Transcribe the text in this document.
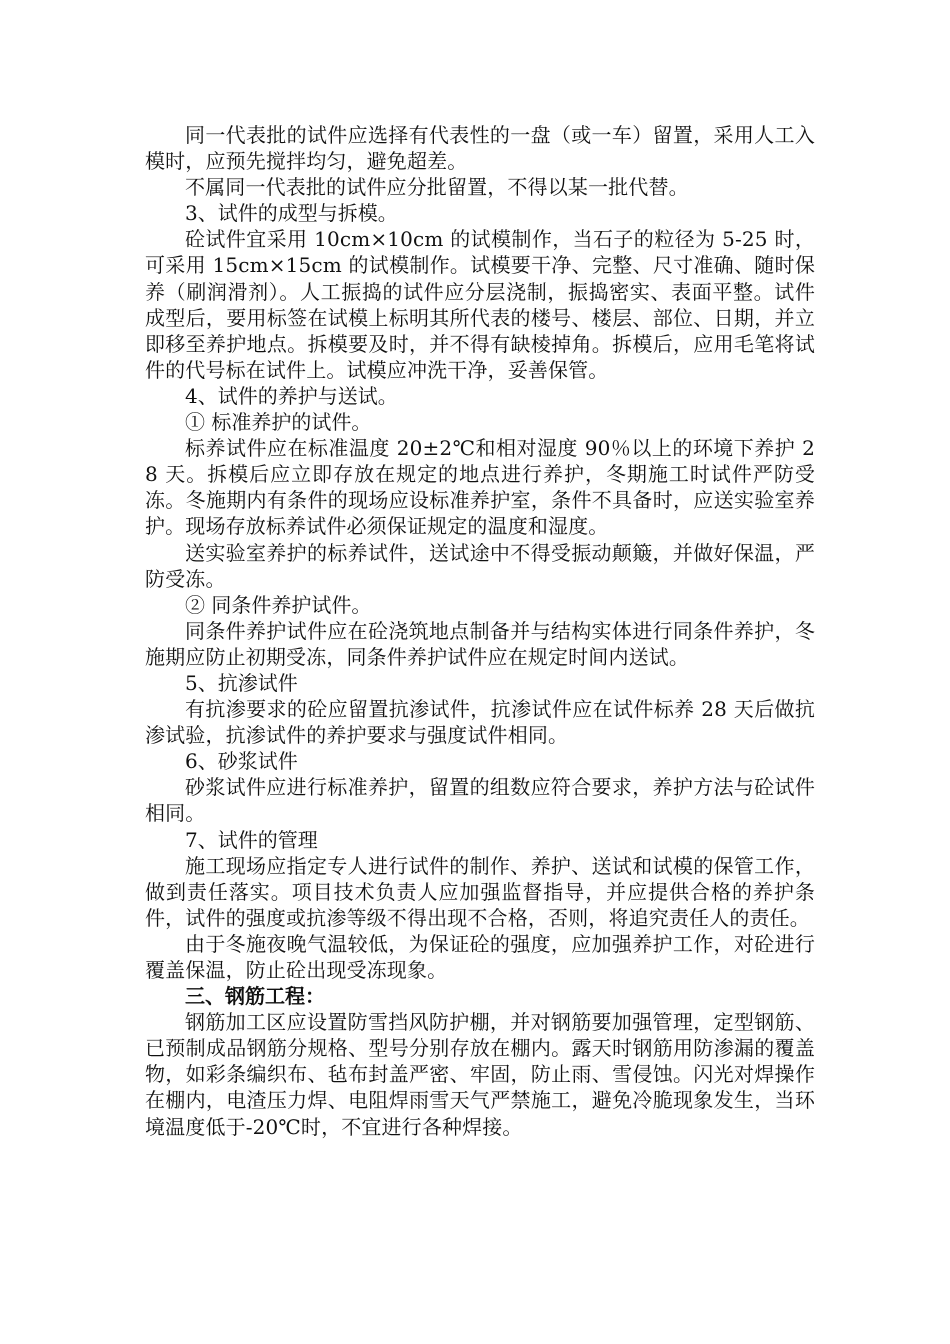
同一代表批的试件应选择有代表性的一盘（或一车）留置，采用人工入模时，应预先搅拌均匀，避免超差。

不属同一代表批的试件应分批留置，不得以某一批代替。

3、试件的成型与拆模。

砼试件宜采用 10cm×10cm 的试模制作，当石子的粒径为 5-25 时，可采用 15cm×15cm 的试模制作。试模要干净、完整、尺寸准确、随时保养（刷润滑剂）。人工振捣的试件应分层浇制，振捣密实、表面平整。试件成型后，要用标签在试模上标明其所代表的楼号、楼层、部位、日期，并立即移至养护地点。拆模要及时，并不得有缺棱掉角。拆模后，应用毛笔将试件的代号标在试件上。试模应冲洗干净，妥善保管。

4、试件的养护与送试。

① 标准养护的试件。

标养试件应在标准温度 20±2℃和相对湿度 90％以上的环境下养护 28 天。拆模后应立即存放在规定的地点进行养护，冬期施工时试件严防受冻。冬施期内有条件的现场应设标准养护室，条件不具备时，应送实验室养护。现场存放标养试件必须保证规定的温度和湿度。

送实验室养护的标养试件，送试途中不得受振动颠簸，并做好保温，严防受冻。

② 同条件养护试件。

同条件养护试件应在砼浇筑地点制备并与结构实体进行同条件养护，冬施期应防止初期受冻，同条件养护试件应在规定时间内送试。

5、抗渗试件

有抗渗要求的砼应留置抗渗试件，抗渗试件应在试件标养 28 天后做抗渗试验，抗渗试件的养护要求与强度试件相同。

6、砂浆试件

砂浆试件应进行标准养护，留置的组数应符合要求，养护方法与砼试件相同。

7、试件的管理

施工现场应指定专人进行试件的制作、养护、送试和试模的保管工作，做到责任落实。项目技术负责人应加强监督指导，并应提供合格的养护条件，试件的强度或抗渗等级不得出现不合格，否则，将追究责任人的责任。

由于冬施夜晚气温较低，为保证砼的强度，应加强养护工作，对砼进行覆盖保温，防止砼出现受冻现象。

三、钢筋工程：

钢筋加工区应设置防雪挡风防护棚，并对钢筋要加强管理，定型钢筋、已预制成品钢筋分规格、型号分别存放在棚内。露天时钢筋用防渗漏的覆盖物，如彩条编织布、毡布封盖严密、牢固，防止雨、雪侵蚀。闪光对焊操作在棚内，电渣压力焊、电阻焊雨雪天气严禁施工，避免冷脆现象发生，当环境温度低于-20℃时，不宜进行各种焊接。
